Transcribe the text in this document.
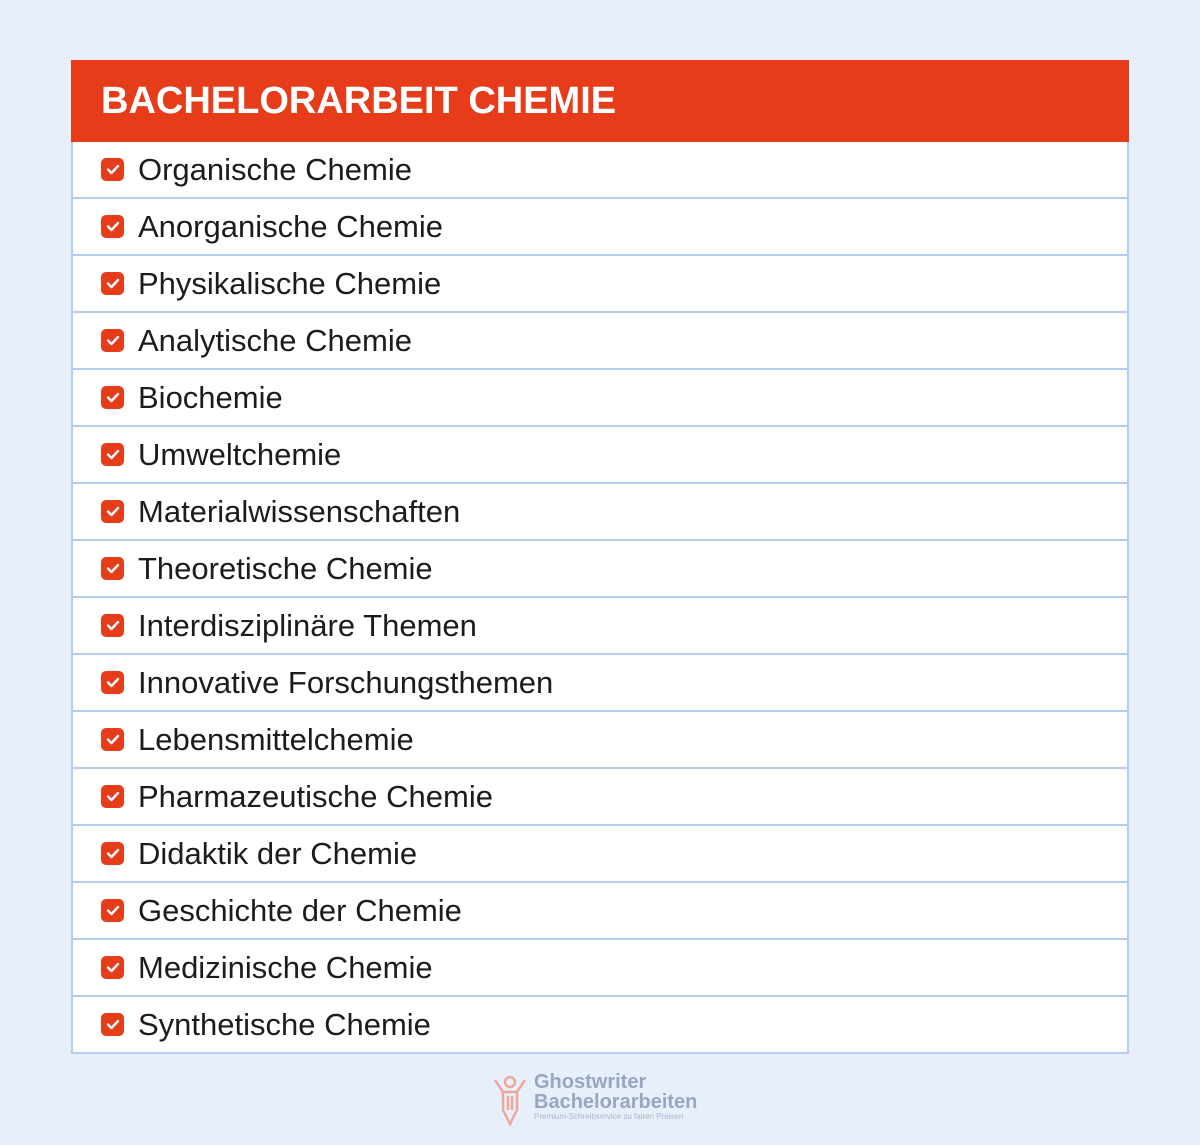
BACHELORARBEIT CHEMIE
Organische Chemie
Anorganische Chemie
Physikalische Chemie
Analytische Chemie
Biochemie
Umweltchemie
Materialwissenschaften
Theoretische Chemie
Interdisziplinäre Themen
Innovative Forschungsthemen
Lebensmittelchemie
Pharmazeutische Chemie
Didaktik der Chemie
Geschichte der Chemie
Medizinische Chemie
Synthetische Chemie
Ghostwriter
Bachelorarbeiten
Premium-Schreibservice zu fairen Preisen
